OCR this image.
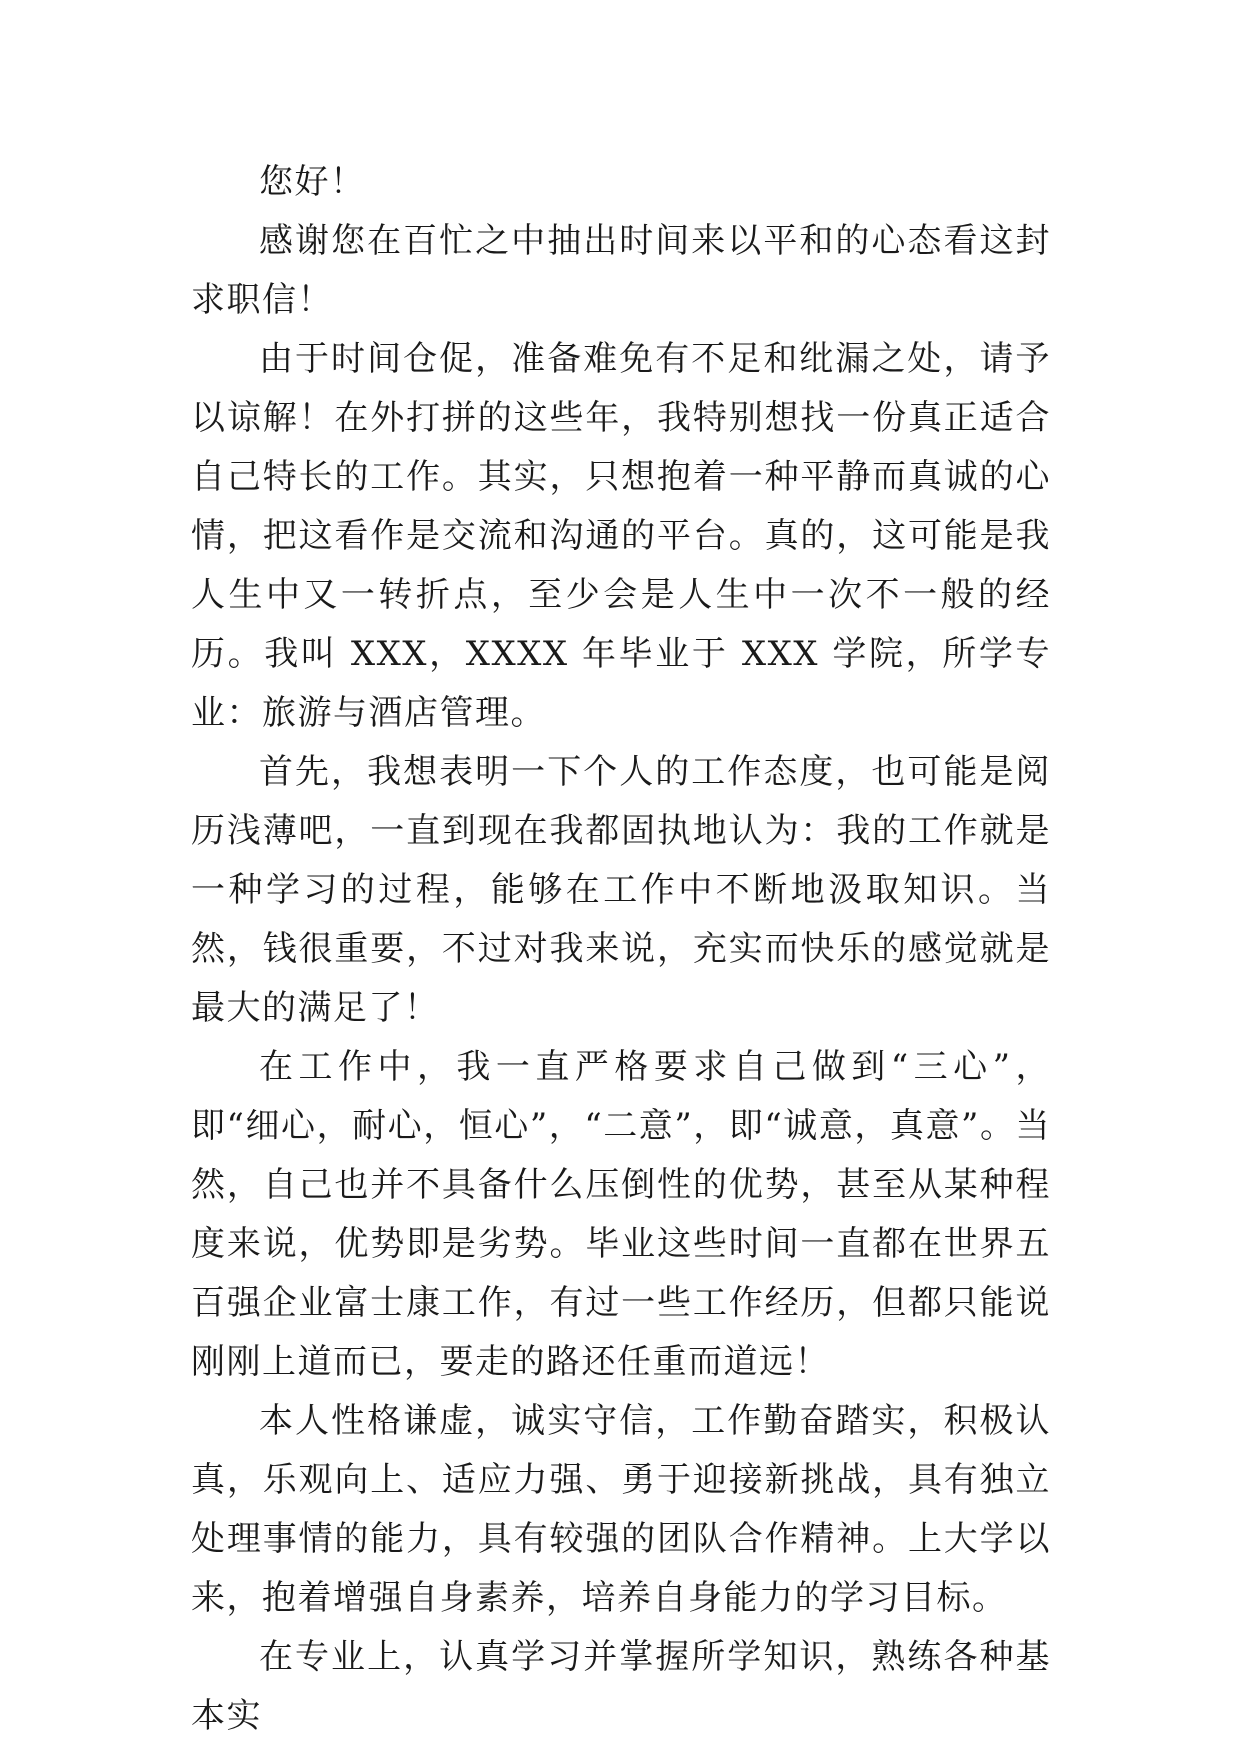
您好！

感谢您在百忙之中抽出时间来以平和的心态看这封求职信！

由于时间仓促，准备难免有不足和纰漏之处，请予以谅解！在外打拼的这些年，我特别想找一份真正适合自己特长的工作。其实，只想抱着一种平静而真诚的心情，把这看作是交流和沟通的平台。真的，这可能是我人生中又一转折点，至少会是人生中一次不一般的经历。我叫 XXX，XXXX 年毕业于 XXX 学院，所学专业：旅游与酒店管理。

首先，我想表明一下个人的工作态度，也可能是阅历浅薄吧，一直到现在我都固执地认为：我的工作就是一种学习的过程，能够在工作中不断地汲取知识。当然，钱很重要，不过对我来说，充实而快乐的感觉就是最大的满足了！

在工作中，我一直严格要求自己做到“三心”，即“细心，耐心，恒心”，“二意”，即“诚意，真意”。当然，自己也并不具备什么压倒性的优势，甚至从某种程度来说，优势即是劣势。毕业这些时间一直都在世界五百强企业富士康工作，有过一些工作经历，但都只能说刚刚上道而已，要走的路还任重而道远！

本人性格谦虚，诚实守信，工作勤奋踏实，积极认真，乐观向上、适应力强、勇于迎接新挑战，具有独立处理事情的能力，具有较强的团队合作精神。上大学以来，抱着增强自身素养，培养自身能力的学习目标。

在专业上，认真学习并掌握所学知识，熟练各种基本实
